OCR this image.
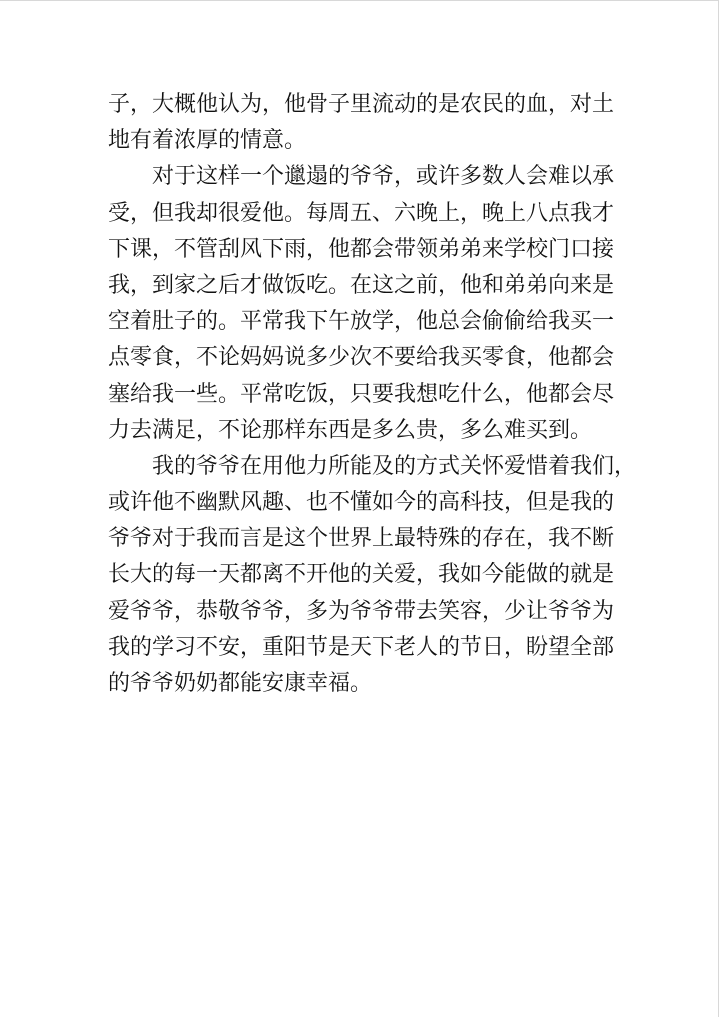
子，大概他认为，他骨子里流动的是农民的血，对土
地有着浓厚的情意。
对于这样一个邋遢的爷爷，或许多数人会难以承
受，但我却很爱他。每周五、六晚上，晚上八点我才
下课，不管刮风下雨，他都会带领弟弟来学校门口接
我，到家之后才做饭吃。在这之前，他和弟弟向来是
空着肚子的。平常我下午放学，他总会偷偷给我买一
点零食，不论妈妈说多少次不要给我买零食，他都会
塞给我一些。平常吃饭，只要我想吃什么，他都会尽
力去满足，不论那样东西是多么贵，多么难买到。
我的爷爷在用他力所能及的方式关怀爱惜着我们，
或许他不幽默风趣、也不懂如今的高科技，但是我的
爷爷对于我而言是这个世界上最特殊的存在，我不断
长大的每一天都离不开他的关爱，我如今能做的就是
爱爷爷，恭敬爷爷，多为爷爷带去笑容，少让爷爷为
我的学习不安，重阳节是天下老人的节日，盼望全部
的爷爷奶奶都能安康幸福。
